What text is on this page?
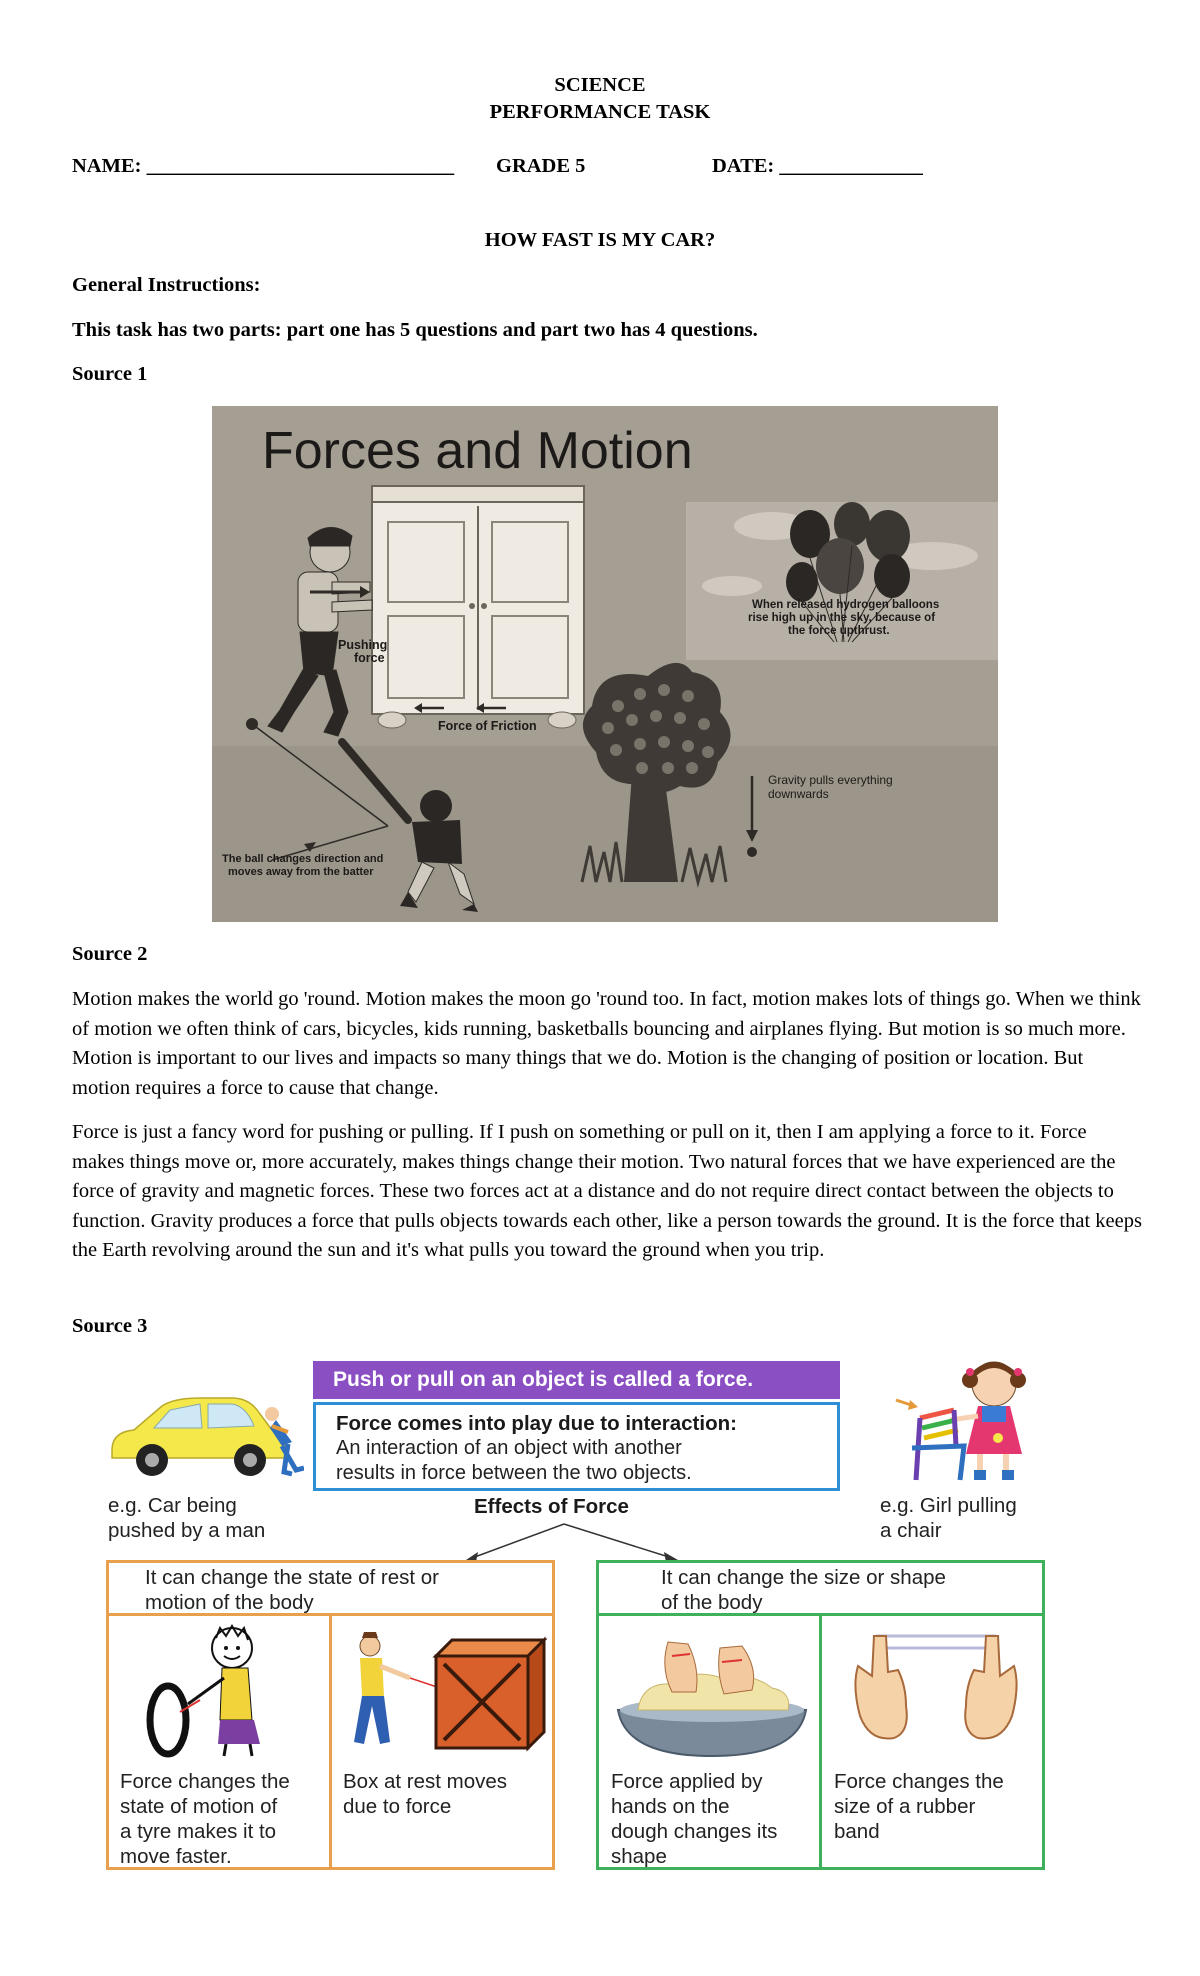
SCIENCE
PERFORMANCE TASK
NAME: ______________________________ GRADE 5	DATE: ______________
HOW FAST IS MY CAR?
General Instructions:
This task has two parts: part one has 5 questions and part two has 4 questions.
Source 1
Forces and Motion
When released hydrogen balloons rise high up in the sky, because of the force upthrust.
Pushing force
Force of Friction
Gravity pulls everything downwards
The ball changes direction and moves away from the batter
Source 2
Motion makes the world go 'round. Motion makes the moon go 'round too. In fact, motion makes lots of things go. When we think of motion we often think of cars, bicycles, kids running, basketballs bouncing and airplanes flying. But motion is so much more. Motion is important to our lives and impacts so many things that we do. Motion is the changing of position or location. But motion requires a force to cause that change.
Force is just a fancy word for pushing or pulling. If I push on something or pull on it, then I am applying a force to it. Force makes things move or, more accurately, makes things change their motion. Two natural forces that we have experienced are the force of gravity and magnetic forces. These two forces act at a distance and do not require direct contact between the objects to function. Gravity produces a force that pulls objects towards each other, like a person towards the ground. It is the force that keeps the Earth revolving around the sun and it's what pulls you toward the ground when you trip.
Source 3
Push or pull on an object is called a force.
Force comes into play due to interaction:
An interaction of an object with another
results in force between the two objects.
e.g. Car being
pushed by a man
e.g. Girl pulling
a chair
Effects of Force
It can change the state of rest or
motion of the body
Force changes the
state of motion of
a tyre makes it to
move faster.
Box at rest moves
due to force
It can change the size or shape
of the body
Force applied by
hands on the
dough changes its
shape
Force changes the
size of a rubber
band
